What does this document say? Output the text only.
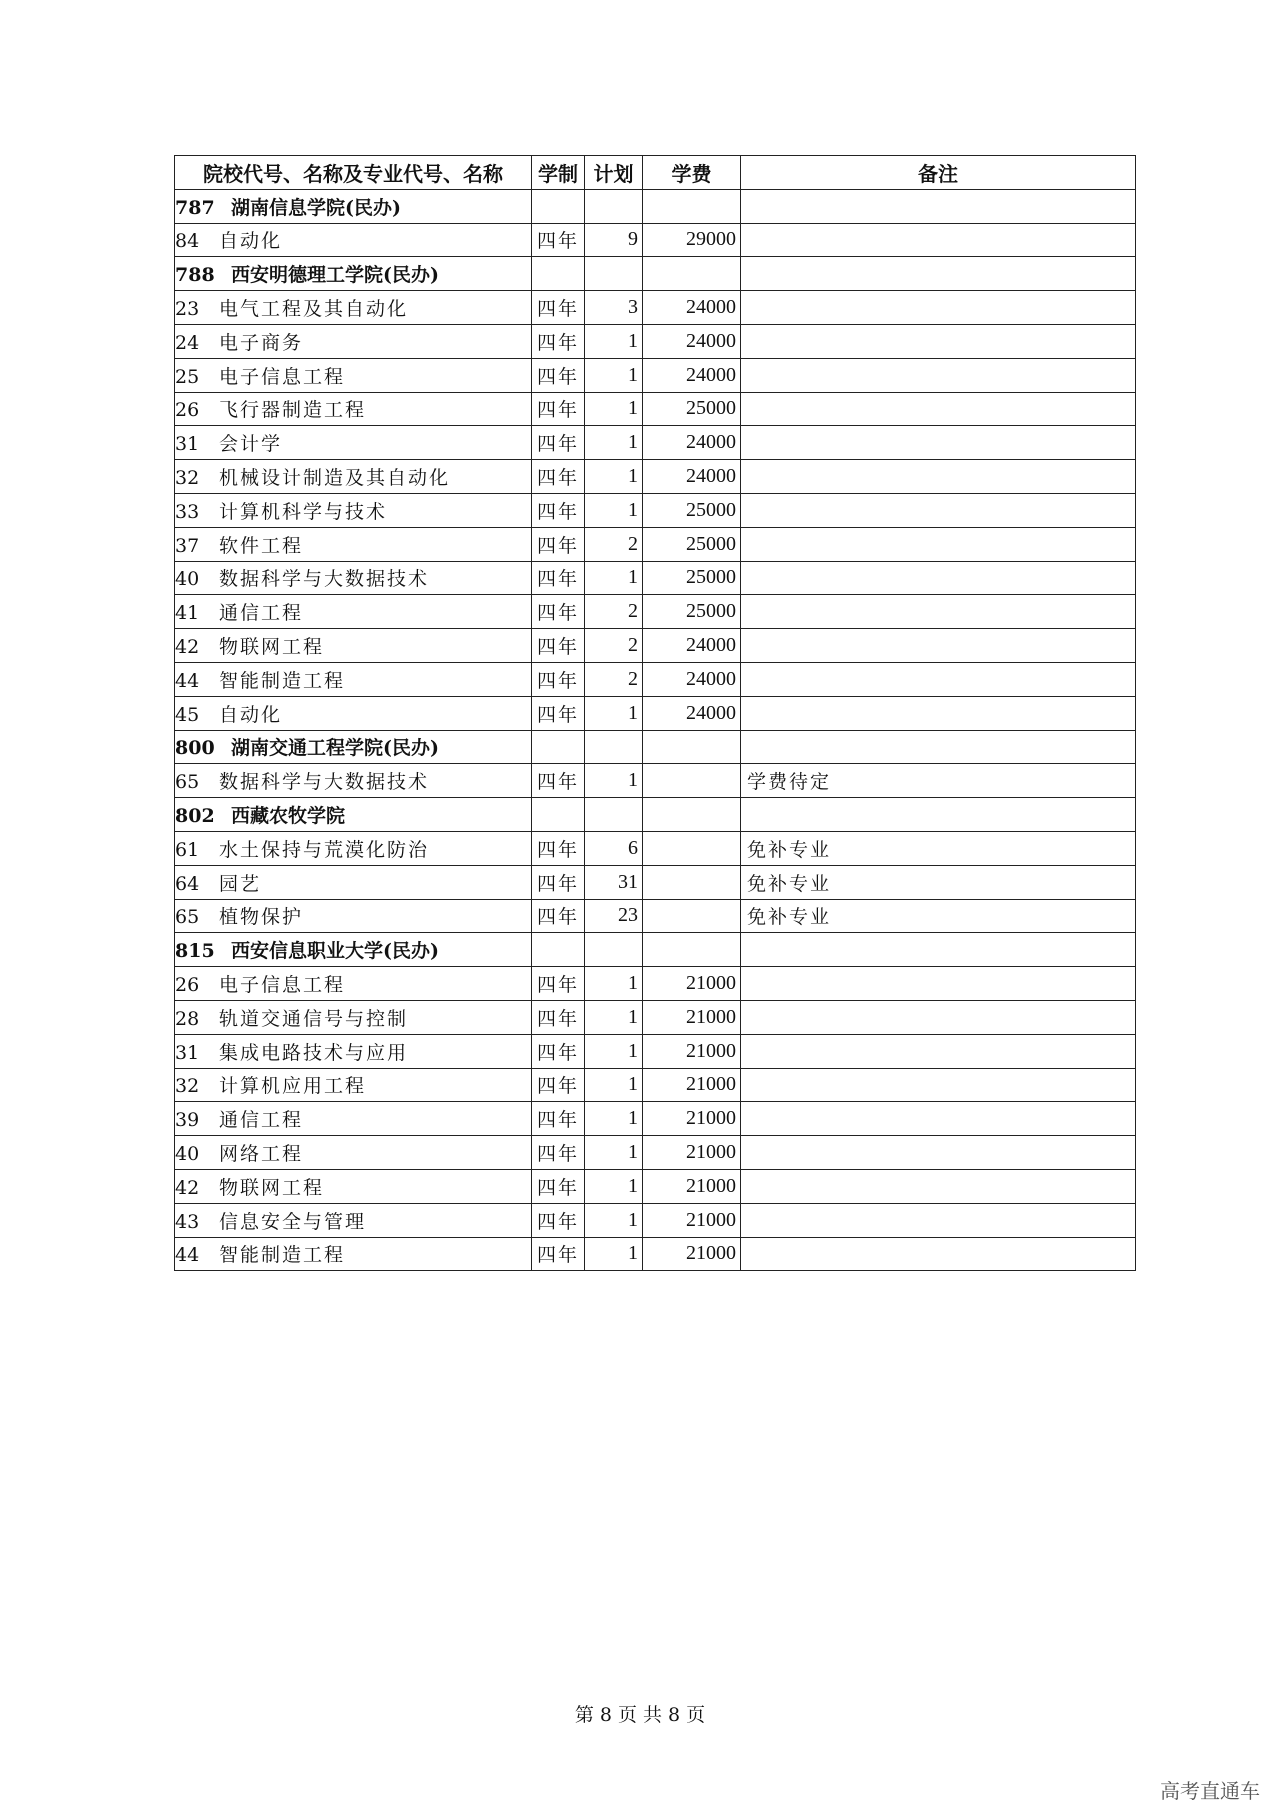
院校代号、名称及专业代号、名称	学制	计划	学费	备注
787 湖南信息学院(民办)				
84 自动化	四年	9	29000	
788 西安明德理工学院(民办)				
23 电气工程及其自动化	四年	3	24000	
24 电子商务	四年	1	24000	
25 电子信息工程	四年	1	24000	
26 飞行器制造工程	四年	1	25000	
31 会计学	四年	1	24000	
32 机械设计制造及其自动化	四年	1	24000	
33 计算机科学与技术	四年	1	25000	
37 软件工程	四年	2	25000	
40 数据科学与大数据技术	四年	1	25000	
41 通信工程	四年	2	25000	
42 物联网工程	四年	2	24000	
44 智能制造工程	四年	2	24000	
45 自动化	四年	1	24000	
800 湖南交通工程学院(民办)				
65 数据科学与大数据技术	四年	1		学费待定
802 西藏农牧学院				
61 水土保持与荒漠化防治	四年	6		免补专业
64 园艺	四年	31		免补专业
65 植物保护	四年	23		免补专业
815 西安信息职业大学(民办)				
26 电子信息工程	四年	1	21000	
28 轨道交通信号与控制	四年	1	21000	
31 集成电路技术与应用	四年	1	21000	
32 计算机应用工程	四年	1	21000	
39 通信工程	四年	1	21000	
40 网络工程	四年	1	21000	
42 物联网工程	四年	1	21000	
43 信息安全与管理	四年	1	21000	
44 智能制造工程	四年	1	21000	
第 8 页 共 8 页
高考直通车
